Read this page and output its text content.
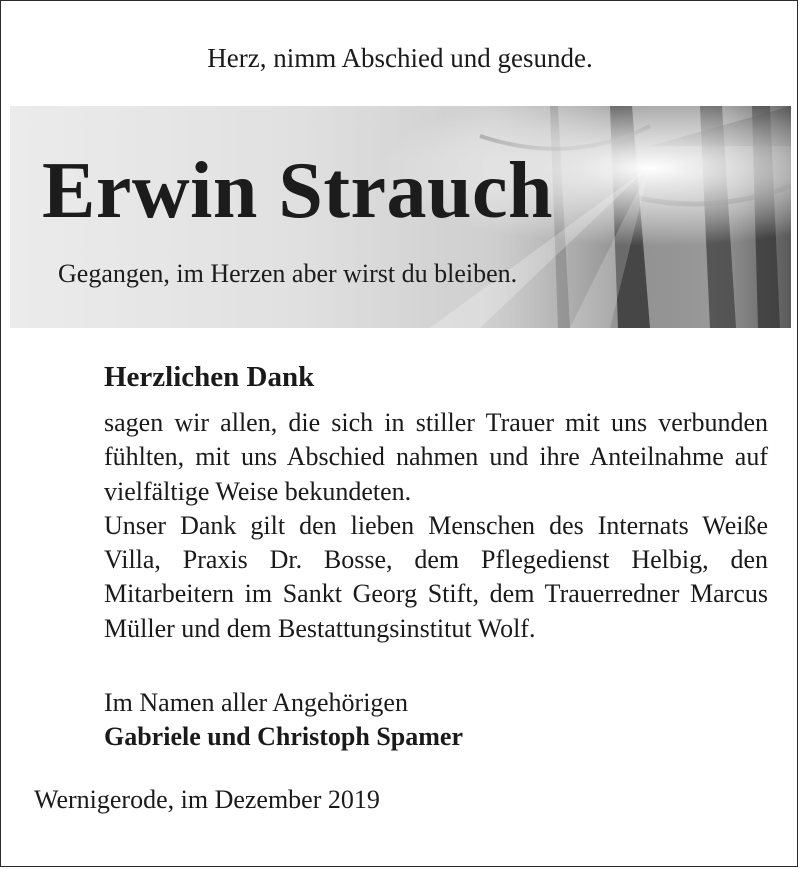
Herz, nimm Abschied und gesunde.
Erwin Strauch
Gegangen, im Herzen aber wirst du bleiben.
Herzlichen Dank

sagen wir allen, die sich in stiller Trauer mit uns verbunden fühlten, mit uns Abschied nahmen und ihre Anteilnahme auf vielfältige Weise bekundeten.

Unser Dank gilt den lieben Menschen des Internats Weiße Villa, Praxis Dr. Bosse, dem Pflegedienst Helbig, den Mitarbeitern im Sankt Georg Stift, dem Trauerredner Marcus Müller und dem Bestattungsinstitut Wolf.

Im Namen aller Angehörigen
Gabriele und Christoph Spamer
Wernigerode, im Dezember 2019
